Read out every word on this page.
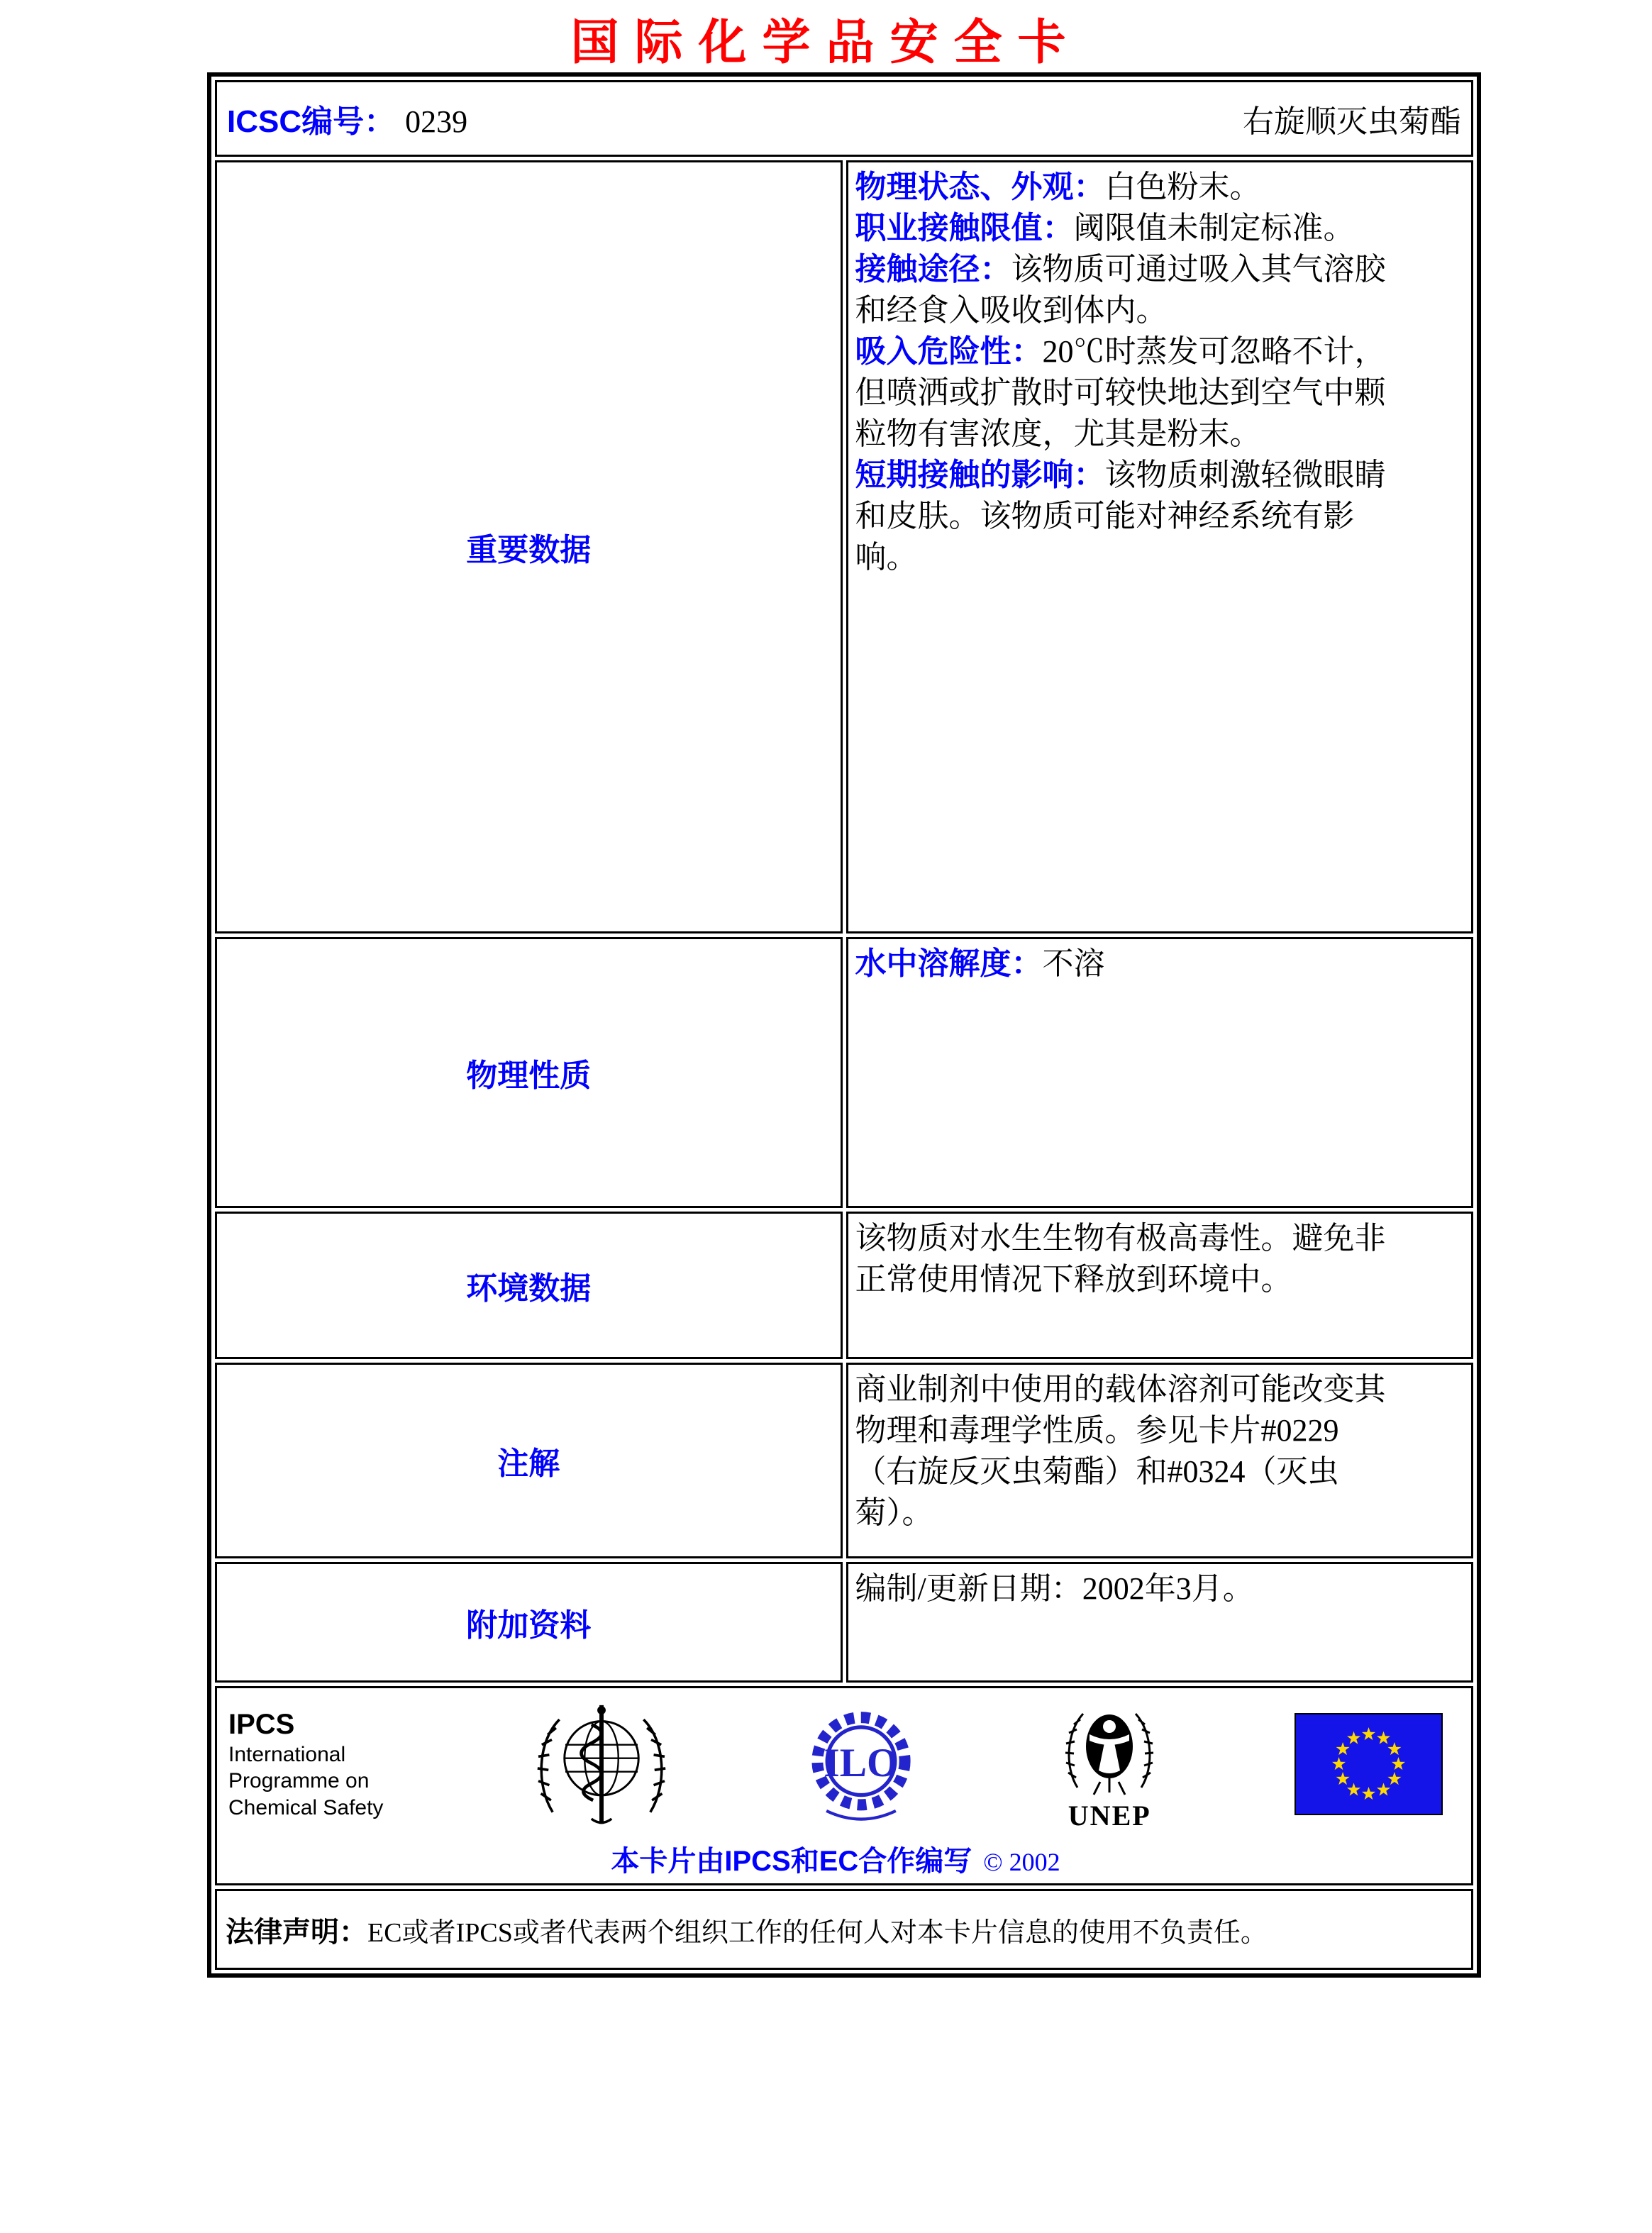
国际化学品安全卡
ICSC编号： 0239 右旋顺灭虫菊酯	

重要数据	物理状态、外观：白色粉末。

职业接触限值：阈限值未制定标准。

接触途径：该物质可通过吸入其气溶胶和经食入吸收到体内。

吸入危险性：20℃时蒸发可忽略不计，但喷洒或扩散时可较快地达到空气中颗粒物有害浓度，尤其是粉末。

短期接触的影响：该物质刺激轻微眼睛和皮肤。该物质可能对神经系统有影响。

物理性质	水中溶解度：不溶

环境数据	该物质对水生生物有极高毒性。避免非正常使用情况下释放到环境中。

注解	商业制剂中使用的载体溶剂可能改变其物理和毒理学性质。参见卡片#0229（右旋反灭虫菊酯）和#0324（灭虫菊）。

附加资料	编制/更新日期：2002年3月。

IPCS
International
Programme on
Chemical Safety
ILO
UNEP
本卡片由IPCS和EC合作编写 © 2002

法律声明：EC或者IPCS或者代表两个组织工作的任何人对本卡片信息的使用不负责任。	
